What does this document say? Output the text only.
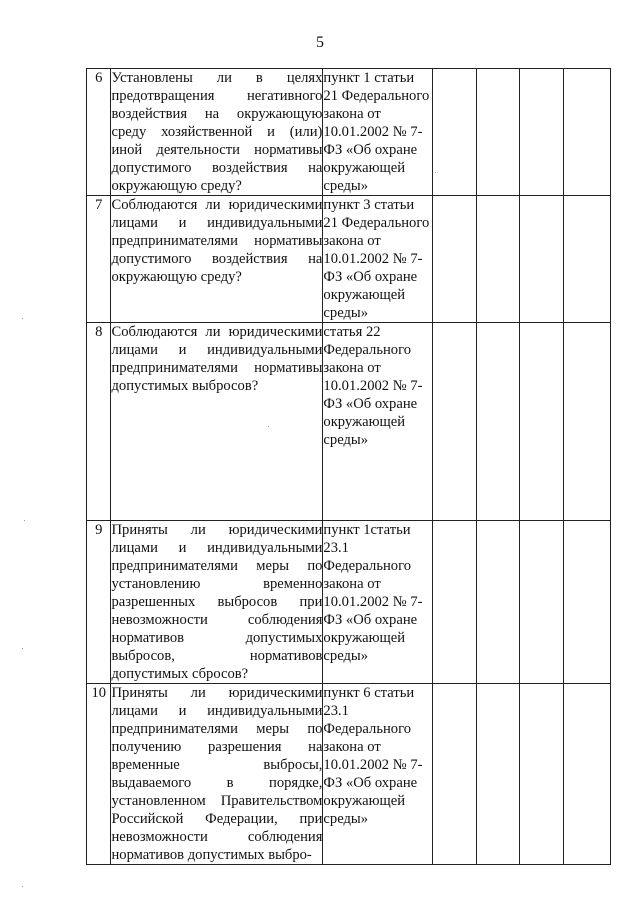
5
6	Установлены ли в целях предотвращения негативного воздействия на окружающую среду хозяйственной и (или) иной деятельности нормативы допустимого воздействия на окружающую среду?	пункт 1 статьи 21 Федерального закона от 10.01.2002 № 7-ФЗ «Об охране окружающей среды»				

7	Соблюдаются ли юридическими лицами и индивидуальными предпринимателями нормативы допустимого воздействия на окружающую среду?	пункт 3 статьи 21 Федерального закона от 10.01.2002 № 7-ФЗ «Об охране окружающей среды»				

8	Соблюдаются ли юридическими лицами и индивидуальными предпринимателями нормативы допустимых выбросов?	статья 22 Федерального закона от 10.01.2002 № 7-ФЗ «Об охране окружающей среды»				

9	Приняты ли юридическими лицами и индивидуальными предпринимателями меры по установлению временно разрешенных выбросов при невозможности соблюдения нормативов допустимых выбросов, нормативов допустимых сбросов?	пункт 1статьи 23.1 Федерального закона от 10.01.2002 № 7-ФЗ «Об охране окружающей среды»				

10	Приняты ли юридическими лицами и индивидуальными предпринимателями меры по получению разрешения на временные выбросы, выдаваемого в порядке, установленном Правительством Российской Федерации, при невозможности соблюдения нормативов допустимых выбро-	пункт 6 статьи 23.1 Федерального закона от 10.01.2002 № 7-ФЗ «Об охране окружающей среды»				
